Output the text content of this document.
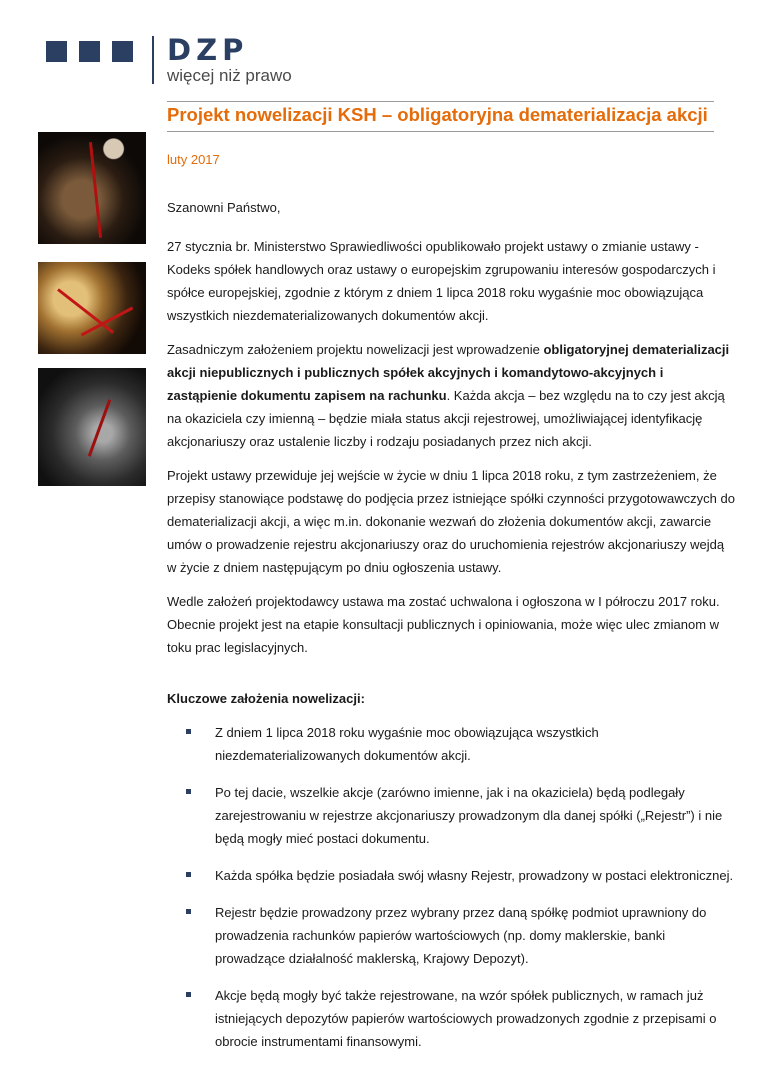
DZP
więcej niż prawo
Projekt nowelizacji KSH – obligatoryjna dematerializacja akcji
luty 2017

Szanowni Państwo,

27 stycznia br. Ministerstwo Sprawiedliwości opublikowało projekt ustawy o zmianie ustawy - Kodeks spółek handlowych oraz ustawy o europejskim zgrupowaniu interesów gospodarczych i spółce europejskiej, zgodnie z którym z dniem 1 lipca 2018 roku wygaśnie moc obowiązująca wszystkich niezdematerializowanych dokumentów akcji.

Zasadniczym założeniem projektu nowelizacji jest wprowadzenie obligatoryjnej dematerializacji akcji niepublicznych i publicznych spółek akcyjnych i komandytowo-akcyjnych i zastąpienie dokumentu zapisem na rachunku. Każda akcja – bez względu na to czy jest akcją na okaziciela czy imienną – będzie miała status akcji rejestrowej, umożliwiającej identyfikację akcjonariuszy oraz ustalenie liczby i rodzaju posiadanych przez nich akcji.

Projekt ustawy przewiduje jej wejście w życie w dniu 1 lipca 2018 roku, z tym zastrzeżeniem, że przepisy stanowiące podstawę do podjęcia przez istniejące spółki czynności przygotowawczych do dematerializacji akcji, a więc m.in. dokonanie wezwań do złożenia dokumentów akcji, zawarcie umów o prowadzenie rejestru akcjonariuszy oraz do uruchomienia rejestrów akcjonariuszy wejdą w życie z dniem następującym po dniu ogłoszenia ustawy.

Wedle założeń projektodawcy ustawa ma zostać uchwalona i ogłoszona w I półroczu 2017 roku. Obecnie projekt jest na etapie konsultacji publicznych i opiniowania, może więc ulec zmianom w toku prac legislacyjnych.

Kluczowe założenia nowelizacji:

Z dniem 1 lipca 2018 roku wygaśnie moc obowiązująca wszystkich niezdematerializowanych dokumentów akcji.
Po tej dacie, wszelkie akcje (zarówno imienne, jak i na okaziciela) będą podlegały zarejestrowaniu w rejestrze akcjonariuszy prowadzonym dla danej spółki („Rejestr”) i nie będą mogły mieć postaci dokumentu.
Każda spółka będzie posiadała swój własny Rejestr, prowadzony w postaci elektronicznej.
Rejestr będzie prowadzony przez wybrany przez daną spółkę podmiot uprawniony do prowadzenia rachunków papierów wartościowych (np. domy maklerskie, banki prowadzące działalność maklerską, Krajowy Depozyt).
Akcje będą mogły być także rejestrowane, na wzór spółek publicznych, w ramach już istniejących depozytów papierów wartościowych prowadzonych zgodnie z przepisami o obrocie instrumentami finansowymi.
